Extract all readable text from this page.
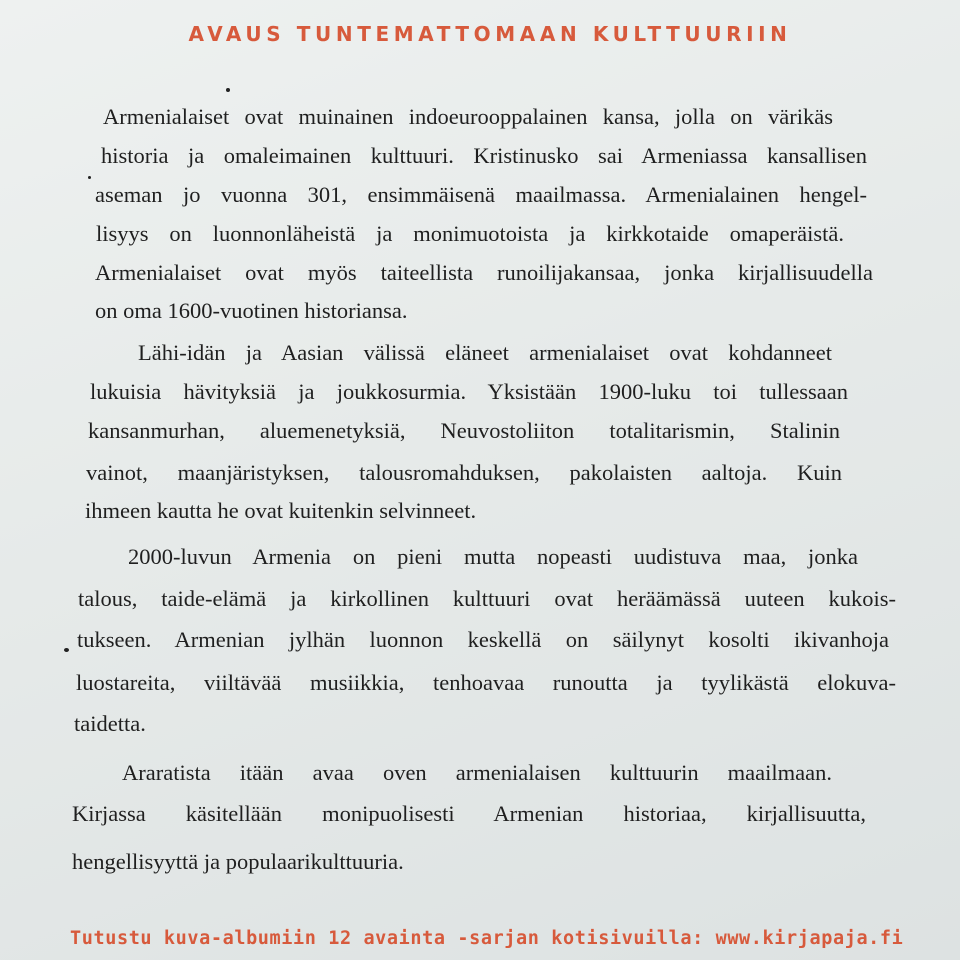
AVAUS TUNTEMATTOMAAN KULTTUURIIN
Armenialaiset ovat muinainen indoeurooppalainen kansa, jolla on värikäs
historia ja omaleimainen kulttuuri. Kristinusko sai Armeniassa kansallisen
aseman jo vuonna 301, ensimmäisenä maailmassa. Armenialainen hengel-
lisyys on luonnonläheistä ja monimuotoista ja kirkkotaide omaperäistä.
Armenialaiset ovat myös taiteellista runoilijakansaa, jonka kirjallisuudella
on oma 1600-vuotinen historiansa.
Lähi-idän ja Aasian välissä eläneet armenialaiset ovat kohdanneet
lukuisia hävityksiä ja joukkosurmia. Yksistään 1900-luku toi tullessaan
kansanmurhan, aluemenetyksiä, Neuvostoliiton totalitarismin, Stalinin
vainot, maanjäristyksen, talousromahduksen, pakolaisten aaltoja. Kuin
ihmeen kautta he ovat kuitenkin selvinneet.
2000-luvun Armenia on pieni mutta nopeasti uudistuva maa, jonka
talous, taide-elämä ja kirkollinen kulttuuri ovat heräämässä uuteen kukois-
tukseen. Armenian jylhän luonnon keskellä on säilynyt kosolti ikivanhoja
luostareita, viiltävää musiikkia, tenhoavaa runoutta ja tyylikästä elokuva-
taidetta.
Araratista itään avaa oven armenialaisen kulttuurin maailmaan.
Kirjassa käsitellään monipuolisesti Armenian historiaa, kirjallisuutta,
hengellisyyttä ja populaarikulttuuria.
Tutustu kuva-albumiin 12 avainta -sarjan kotisivuilla: www.kirjapaja.fi
